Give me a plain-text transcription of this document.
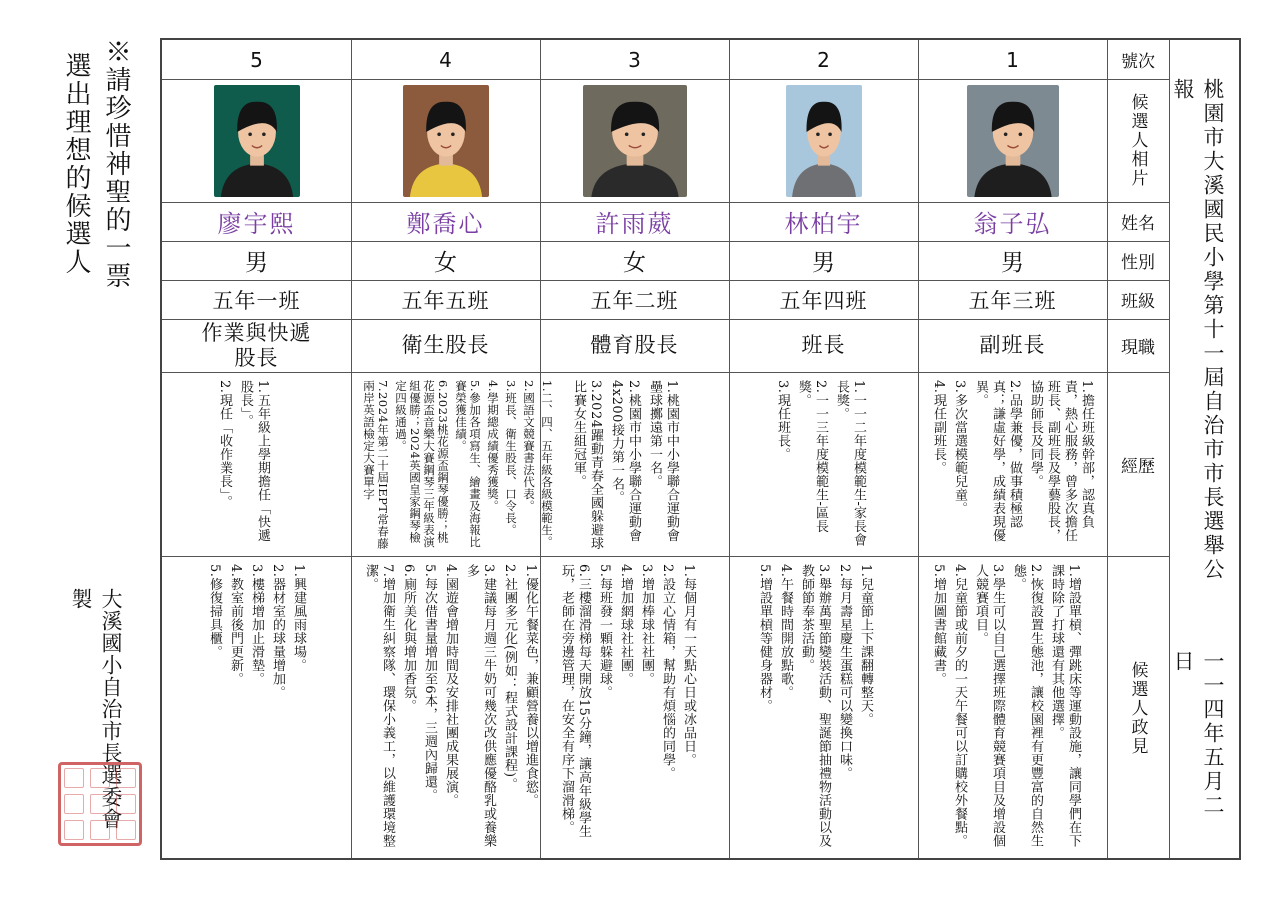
※請珍惜神聖的一票
選出理想的候選人
大溪國小自治市長選委會製
號次
候選人相片
姓名
性別
班級
現職
經歷
候選人政見
5
廖宇熙
男
五年一班
作業與快遞股長
1.五年級上學期擔任「快遞股長」。
2.現任「收作業長」。
1.興建風雨球場。
2.器材室的球量增加。
3.樓梯增加止滑墊。
4.教室前後門更新。
5.修復掃具櫃。
4
鄭喬心
女
五年五班
衛生股長
1.二、四、五年級各級模範生。
2.國語文競賽書法代表。
3.班長、衛生股長、口令長。
4.學期總成績優秀獲獎。
5.參加各項寫生、繪畫及海報比賽榮獲佳績。
6.2023桃花源盃鋼琴優勝；桃花源盃音樂大賽鋼琴三年級表演組優勝；2024英國皇家鋼琴檢定四級通過。
7.2024年第二十屆IEPT常春藤兩岸英語檢定大賽單字
1.優化午餐菜色，兼顧營養以增進食慾。
2.社團多元化(例如：程式設計課程)。
3.建議每月週三牛奶可幾次改供應優酪乳或養樂多
4.園遊會增加時間及安排社團成果展演。
5.每次借書量增加至6本，三週內歸還。
6.廁所美化與增加香氛。
7.增加衛生糾察隊、環保小義工，以維護環境整潔。
3
許雨葳
女
五年二班
體育股長
1.桃園市中小學聯合運動會壘球擲遠第一名。
2.桃園市中小學聯合運動會4x200接力第一名。
3.2024躍動青春全國躲避球比賽女生組冠軍。
1.每個月有一天點心日或冰品日。
2.設立心情箱，幫助有煩惱的同學。
3.增加棒球社社團。
4.增加網球社社團。
5.每班發一顆躲避球。
6.三樓溜滑梯每天開放15分鐘，讓高年級學生玩，老師在旁邊管理，在安全有序下溜滑梯。
2
林柏宇
男
五年四班
班長
1.一一二年度模範生-家長會長獎。
2.一一三年度模範生-區長獎。
3.現任班長。
1.兒童節上下課翻轉整天。
2.每月壽星慶生蛋糕可以變換口味。
3.舉辦萬聖節變裝活動、聖誕節抽禮物活動以及教師節奉茶活動。
4.午餐時間開放點歌。
5.增設單槓等健身器材。
1
翁子弘
男
五年三班
副班長
1.擔任班級幹部，認真負責，熱心服務，曾多次擔任班長、副班長及學藝股長，協助師長及同學。
2.品學兼優，做事積極認真；謙虛好學，成績表現優異。
3.多次當選模範兒童。
4.現任副班長。
1.增設單槓、彈跳床等運動設施，讓同學們在下課時除了打球還有其他選擇。
2.恢復設置生態池，讓校園裡有更豐富的自然生態。
3.學生可以自己選擇班際體育競賽項目及增設個人競賽項目。
4.兒童節或前夕的一天午餐可以訂購校外餐點。
5.增加圖書館藏書。
桃園市大溪國民小學第十一屆自治市市長選舉公報
一一四年五月二日
